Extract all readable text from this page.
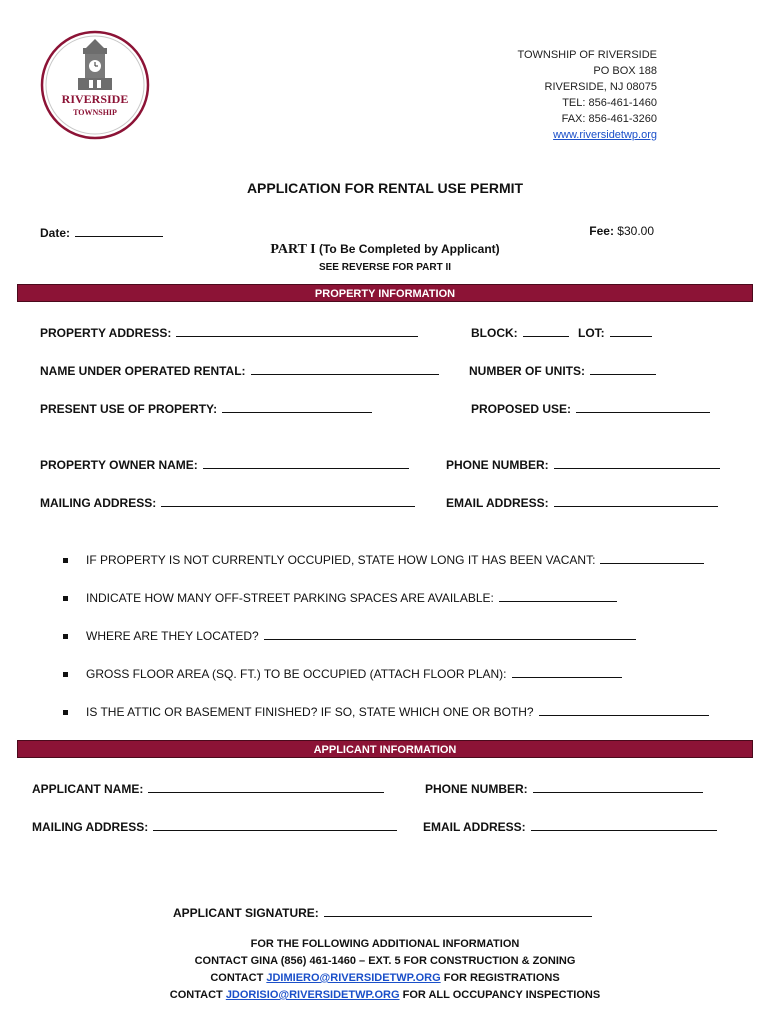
RIVERSIDE
TOWNSHIP
TOWNSHIP OF RIVERSIDE
PO BOX 188
RIVERSIDE, NJ 08075
TEL: 856-461-1460
FAX: 856-461-3260
www.riversidetwp.org
APPLICATION FOR RENTAL USE PERMIT
Date:	Fee: $30.00
PART I (To Be Completed by Applicant)
SEE REVERSE FOR PART II
PROPERTY INFORMATION
PROPERTY ADDRESS:	BLOCK:	LOT:
NAME UNDER OPERATED RENTAL:	NUMBER OF UNITS:
PRESENT USE OF PROPERTY:	PROPOSED USE:
PROPERTY OWNER NAME:	PHONE NUMBER:
MAILING ADDRESS:	EMAIL ADDRESS:
IF PROPERTY IS NOT CURRENTLY OCCUPIED, STATE HOW LONG IT HAS BEEN VACANT:
INDICATE HOW MANY OFF-STREET PARKING SPACES ARE AVAILABLE:
WHERE ARE THEY LOCATED?
GROSS FLOOR AREA (SQ. FT.) TO BE OCCUPIED (ATTACH FLOOR PLAN):
IS THE ATTIC OR BASEMENT FINISHED? IF SO, STATE WHICH ONE OR BOTH?
APPLICANT INFORMATION
APPLICANT NAME:	PHONE NUMBER:
MAILING ADDRESS:	EMAIL ADDRESS:
APPLICANT SIGNATURE:
FOR THE FOLLOWING ADDITIONAL INFORMATION
CONTACT GINA (856) 461-1460 – EXT. 5 FOR CONSTRUCTION & ZONING
CONTACT JDIMIERO@RIVERSIDETWP.ORG FOR REGISTRATIONS
CONTACT JDORISIO@RIVERSIDETWP.ORG FOR ALL OCCUPANCY INSPECTIONS
